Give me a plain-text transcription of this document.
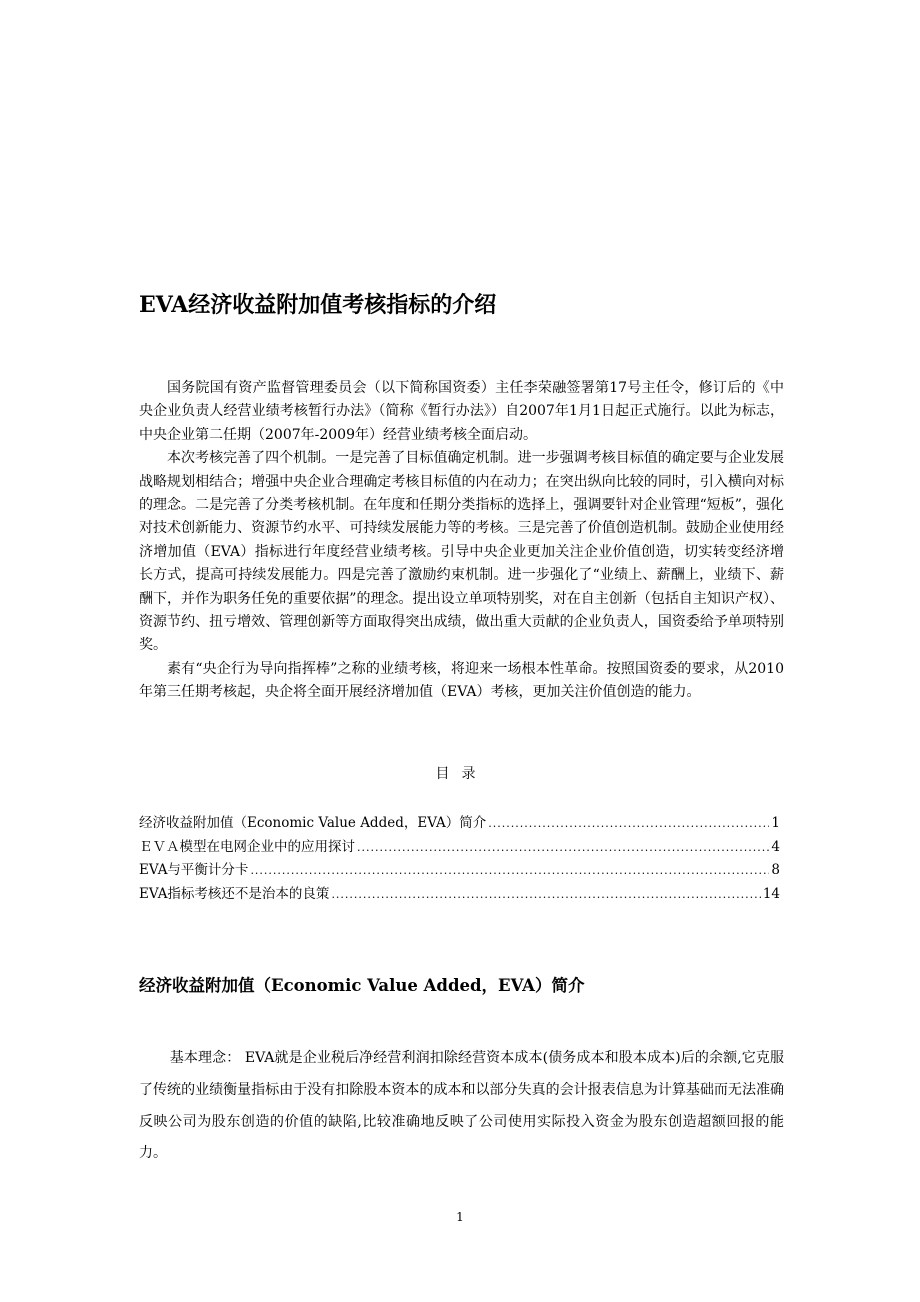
EVA经济收益附加值考核指标的介绍

国务院国有资产监督管理委员会（以下简称国资委）主任李荣融签署第17号主任令，修订后的《中央企业负责人经营业绩考核暂行办法》（简称《暂行办法》）自2007年1月1日起正式施行。以此为标志，中央企业第二任期（2007年-2009年）经营业绩考核全面启动。

本次考核完善了四个机制。一是完善了目标值确定机制。进一步强调考核目标值的确定要与企业发展战略规划相结合；增强中央企业合理确定考核目标值的内在动力；在突出纵向比较的同时，引入横向对标的理念。二是完善了分类考核机制。在年度和任期分类指标的选择上，强调要针对企业管理“短板”，强化对技术创新能力、资源节约水平、可持续发展能力等的考核。三是完善了价值创造机制。鼓励企业使用经济增加值（EVA）指标进行年度经营业绩考核。引导中央企业更加关注企业价值创造，切实转变经济增长方式，提高可持续发展能力。四是完善了激励约束机制。进一步强化了“业绩上、薪酬上，业绩下、薪酬下，并作为职务任免的重要依据”的理念。提出设立单项特别奖，对在自主创新（包括自主知识产权）、资源节约、扭亏增效、管理创新等方面取得突出成绩，做出重大贡献的企业负责人，国资委给予单项特别奖。

素有“央企行为导向指挥棒”之称的业绩考核，将迎来一场根本性革命。按照国资委的要求，从2010年第三任期考核起，央企将全面开展经济增加值（EVA）考核，更加关注价值创造的能力。

目录
经济收益附加值（Economic Value Added，EVA）简介 .....	1
ＥＶＡ模型在电网企业中的应用探讨 .....	4
EVA与平衡计分卡 .....	8
EVA指标考核还不是治本的良策 .....	14
经济收益附加值（Economic Value Added，EVA）简介

基本理念： EVA就是企业税后净经营利润扣除经营资本成本(债务成本和股本成本)后的余额,它克服了传统的业绩衡量指标由于没有扣除股本资本的成本和以部分失真的会计报表信息为计算基础而无法准确反映公司为股东创造的价值的缺陷,比较准确地反映了公司使用实际投入资金为股东创造超额回报的能力。

1
